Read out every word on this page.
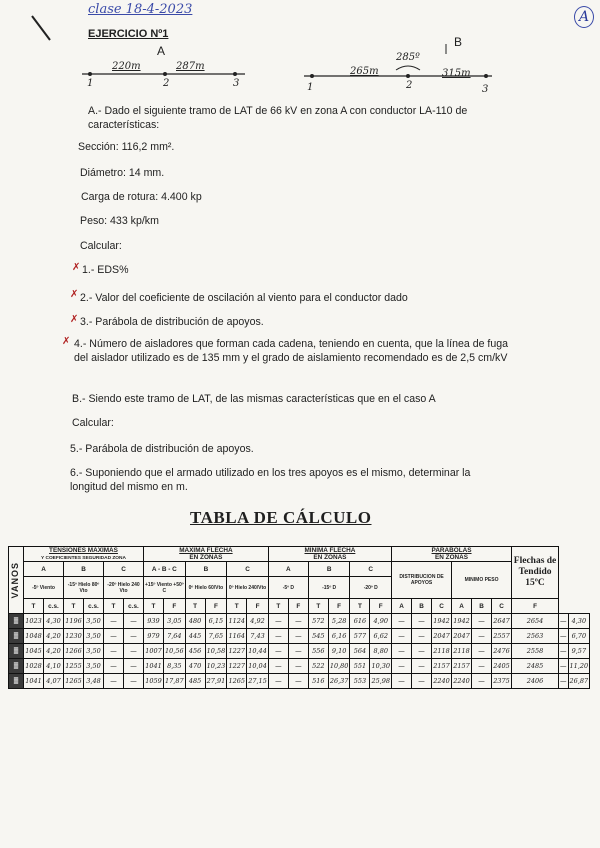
clase 18-4-2023	A
EJERCICIO Nº1
A
220m	287m
1	2	3
B
285º
265m	315m
1	2	3
A.- Dado el siguiente tramo de LAT de 66 kV en zona A con conductor LA-110 de características:
Sección: 116,2 mm².
Diámetro: 14 mm.
Carga de rotura: 4.400 kp
Peso: 433 kp/km
Calcular:
✗ 1.- EDS%
✗ 2.- Valor del coeficiente de oscilación al viento para el conductor dado
✗ 3.- Parábola de distribución de apoyos.
✗ 4.- Número de aisladores que forman cada cadena, teniendo en cuenta, que la línea de fuga del aislador utilizado es de 135 mm y el grado de aislamiento recomendado es de 2,5 cm/kV
B.- Siendo este tramo de LAT, de las mismas características que en el caso A
Calcular:
5.- Parábola de distribución de apoyos.
6.- Suponiendo que el armado utilizado en los tres apoyos es el mismo, determinar la longitud del mismo en m.
TABLA DE CÁLCULO
VANOS	TENSIONES MAXIMAS
Y COEFICIENTES SEGURIDAD ZONA						MAXIMA FLECHA
EN ZONAS						MINIMA FLECHA
EN ZONAS						PARABOLAS
EN ZONAS						Flechas de Tendido 15ºC		
	A		B		C		A - B - C		B		C		A		B		C		DISTRIBUCION DE APOYOS			MINIMO PESO					
	-5º Viento		-15º Hielo 80º Vto		-20º Hielo 240 Vto		+15º Viento +50º C		0º Hielo 60/Vto		0º Hielo 240/Vto		-5º D		-15º D		-20º D										
	T	c.s.	T	c.s.	T	c.s.	T	F	T	F	T	F	T	F	T	F	T	F	A	B	C	A	B	C	F		
▓	1023	4,30	1196	3,50	—	—	939	3,05	480	6,15	1124	4,92	—	—	572	5,28	616	4,90	—	—	1942	1942	—	2647	2654	—	4,30
▓	1048	4,20	1230	3,50	—	—	979	7,64	445	7,65	1164	7,43	—	—	545	6,16	577	6,62	—	—	2047	2047	—	2557	2563	—	6,70
▓	1045	4,20	1266	3,50	—	—	1007	10,56	456	10,58	1227	10,44	—	—	556	9,10	564	8,80	—	—	2118	2118	—	2476	2558	—	9,57
▓	1028	4,10	1255	3,50	—	—	1041	8,35	470	10,23	1227	10,04	—	—	522	10,80	551	10,30	—	—	2157	2157	—	2405	2485	—	11,20
▓	1041	4,07	1265	3,48	—	—	1059	17,87	485	27,91	1265	27,15	—	—	516	26,37	553	25,98	—	—	2240	2240	—	2375	2406	—	26,87
